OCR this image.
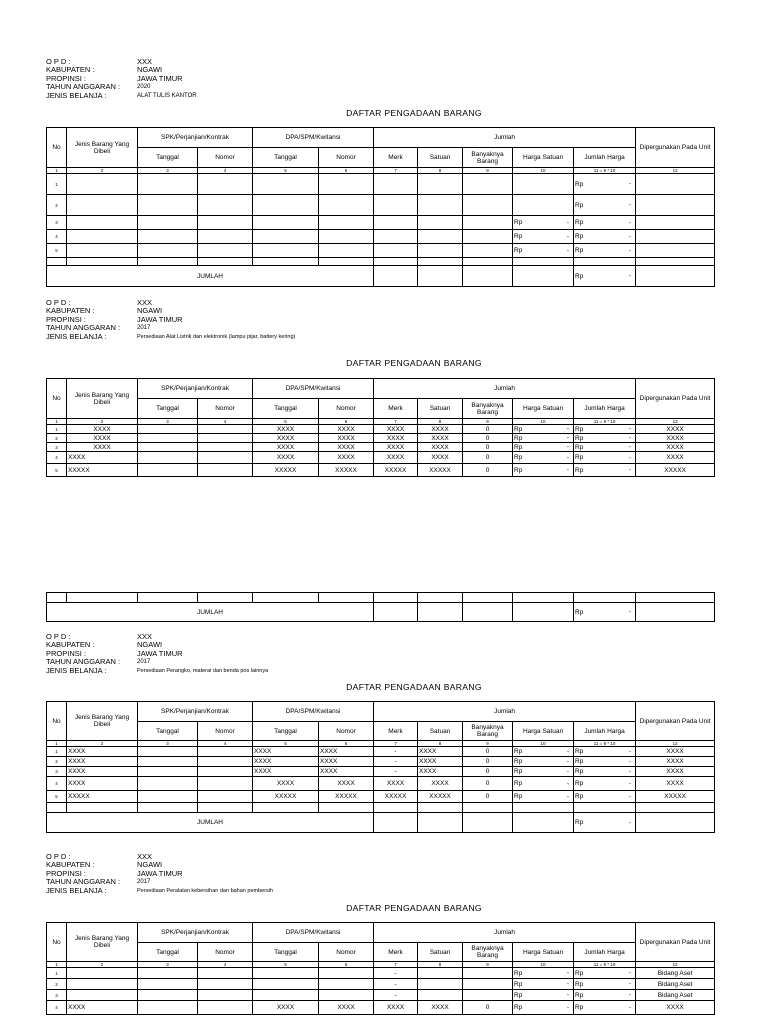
O P D :	XXX
KABUPATEN :	NGAWI
PROPINSI :	JAWA TIMUR
TAHUN ANGGARAN :	2020
JENIS BELANJA :	ALAT TULIS KANTOR
DAFTAR PENGADAAN BARANG
No	Jenis Barang Yang Dibeli	SPK/Perjanjian/Kontrak		DPA/SPM/Kwitansi		Jumlah					Dipergunakan Pada Unit
		Tanggal	Nomor	Tanggal	Nomor	Merk	Satuan	Banyaknya Barang	Harga Satuan	Jumlah Harga	
1	2	3	4	5	6	7	8	9	10	11 = 9 * 10	12
1										Rp -	

2										Rp -	

3									Rp -	Rp -	

4									Rp -	Rp -	

5									Rp -	Rp -	

JUMLAH										Rp -	

O P D :	XXX
KABUPATEN :	NGAWI
PROPINSI :	JAWA TIMUR
TAHUN ANGGARAN :	2017
JENIS BELANJA :	Persediaan Alat Listrik dan elektronik (lampu pijar, battery kering)
DAFTAR PENGADAAN BARANG
No	Jenis Barang Yang Dibeli	SPK/Perjanjian/Kontrak		DPA/SPM/Kwitansi		Jumlah					Dipergunakan Pada Unit
		Tanggal	Nomor	Tanggal	Nomor	Merk	Satuan	Banyaknya Barang	Harga Satuan	Jumlah Harga	
1	2	3	4	5	6	7	8	9	10	11 = 9 * 10	12
1	XXXX			XXXX	XXXX	XXXX	XXXX	0	Rp -	Rp -	XXXX
2	XXXX			XXXX	XXXX	XXXX	XXXX	0	Rp -	Rp -	XXXX
3	XXXX			XXXX	XXXX	XXXX	XXXX	0	Rp -	Rp -	XXXX
4	XXXX			XXXX	XXXX	XXXX	XXXX	0	Rp -	Rp -	XXXX
5	XXXXX			XXXXX	XXXXX	XXXXX	XXXXX	0	Rp -	Rp -	XXXXX

JUMLAH										Rp -	

O P D :	XXX
KABUPATEN :	NGAWI
PROPINSI :	JAWA TIMUR
TAHUN ANGGARAN :	2017
JENIS BELANJA :	Persediaan Perangko, materai dan benda pos lainnya
DAFTAR PENGADAAN BARANG
No	Jenis Barang Yang Dibeli	SPK/Perjanjian/Kontrak		DPA/SPM/Kwitansi		Jumlah					Dipergunakan Pada Unit
		Tanggal	Nomor	Tanggal	Nomor	Merk	Satuan	Banyaknya Barang	Harga Satuan	Jumlah Harga	
1	2	3	4	5	6	7	8	9	10	11 = 9 * 10	12
1	XXXX			XXXX	XXXX	-	XXXX	0	Rp -	Rp -	XXXX
2	XXXX			XXXX	XXXX	-	XXXX	0	Rp -	Rp -	XXXX
3	XXXX			XXXX	XXXX	-	XXXX	0	Rp -	Rp -	XXXX
4	XXXX			XXXX	XXXX	XXXX	XXXX	0	Rp -	Rp -	XXXX
5	XXXXX			XXXXX	XXXXX	XXXXX	XXXXX	0	Rp -	Rp -	XXXXX

JUMLAH										Rp -	

O P D :	XXX
KABUPATEN :	NGAWI
PROPINSI :	JAWA TIMUR
TAHUN ANGGARAN :	2017
JENIS BELANJA :	Persediaan Peralatan kebersihan dan bahan pembersih
DAFTAR PENGADAAN BARANG
No	Jenis Barang Yang Dibeli	SPK/Perjanjian/Kontrak		DPA/SPM/Kwitansi		Jumlah					Dipergunakan Pada Unit
		Tanggal	Nomor	Tanggal	Nomor	Merk	Satuan	Banyaknya Barang	Harga Satuan	Jumlah Harga	
1	2	3	4	5	6	7	8	9	10	11 = 9 * 10	12
1						-			Rp -	Rp -	Bidang Aset
2						-			Rp -	Rp -	Bidang Aset
3						-			Rp -	Rp -	Bidang Aset
4	XXXX			XXXX	XXXX	XXXX	XXXX	0	Rp -	Rp -	XXXX
